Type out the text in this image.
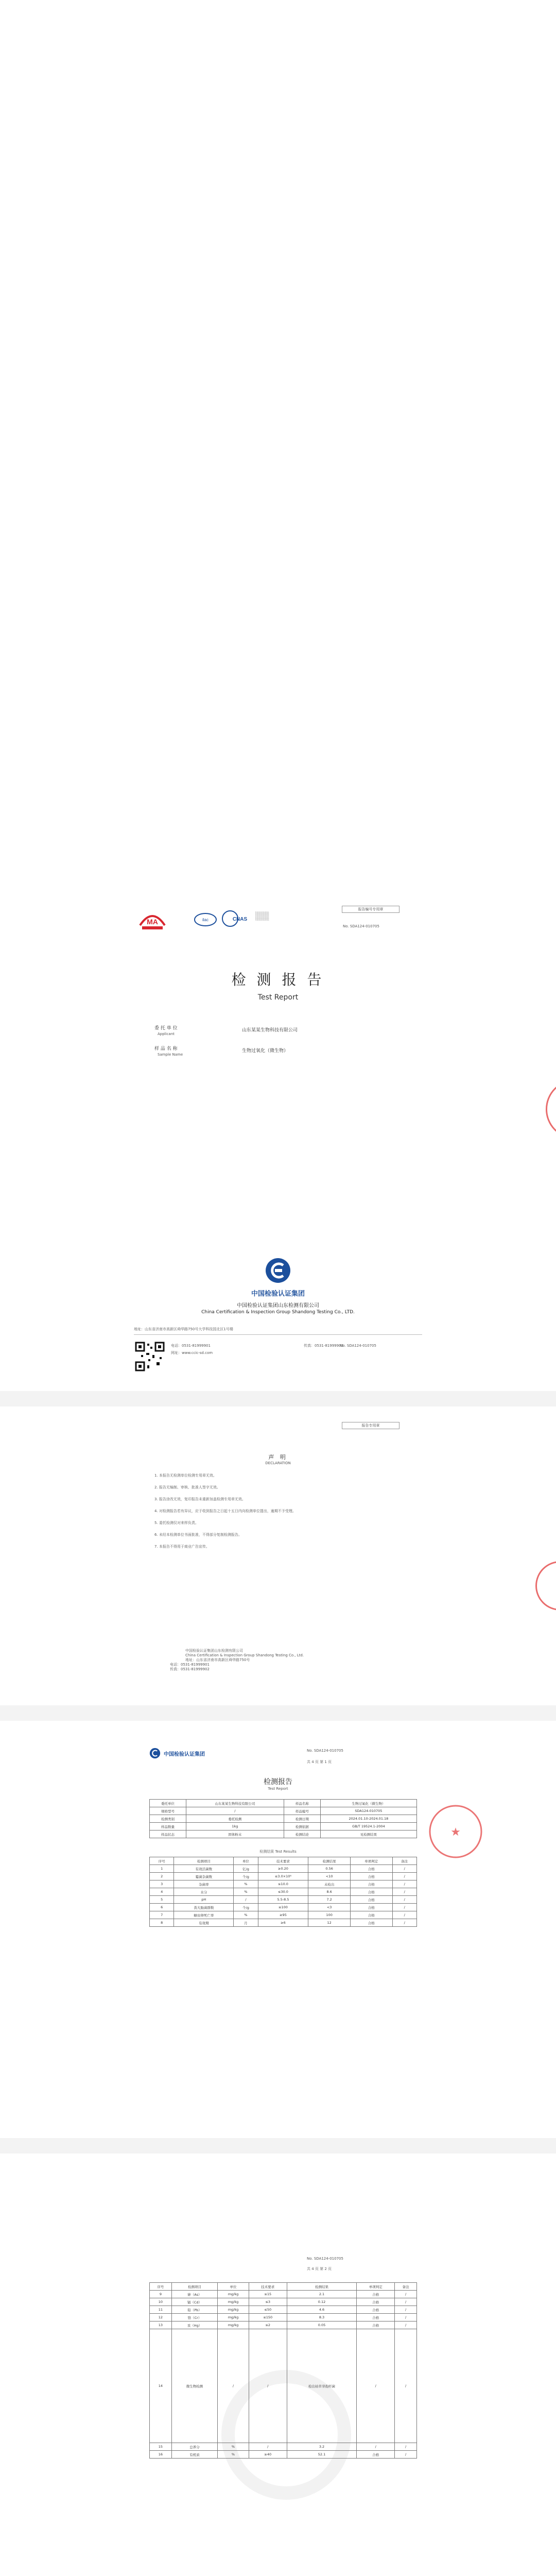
MA	ilac	CNAS
░░░░░
░░░░░
报告编号专用章
No. SDA124-010705
检 测 报 告
Test Report
委 托 单 位
Applicant
山东某某生物科技有限公司
样 品 名 称
Sample Name
生物过氧化（微生物）
中国检验认证集团
中国检验认证集团山东检测有限公司
China Certification & Inspection Group Shandong Testing Co., LTD.
地址：山东省济南市高新区舜华路750号大学科技园北区1号楼
电话：0531-81999901
网址：www.ccic-sd.com
传真：0531-81999902
No. SDA124-010705
报告专用章
声 明
DECLARATION
1. 本报告无检测单位检测专用章无效。
2. 报告无编制、审核、批准人签字无效。
3. 报告涂改无效，复印报告未重新加盖检测专用章无效。
4. 对检测报告若有异议，应于收到报告之日起十五日内向检测单位提出，逾期不予受理。
5. 委托检测仅对来样负责。
6. 未经本检测单位书面批准，不得部分复制检测报告。
7. 本报告不得用于商业广告宣传。
中国检验认证集团山东检测有限公司
China Certification & Inspection Group Shandong Testing Co., Ltd.
地址：山东省济南市高新区舜华路750号
电话：0531-81999901
传真：0531-81999902
中国检验认证集团
No. SDA124-010705
共 4 页 第 1 页
检测报告
Test Report
委托单位	山东某某生物科技有限公司	样品名称	生物过氧化（微生物）
规格型号	/	样品编号	SDA124-010705
检测类别	委托检测	检测日期	2024.01.10-2024.01.18
样品数量	1kg	检测依据	GB/T 19524.1-2004
样品状态	固体粉末	检测结论	见检测结果
检测结果 Test Results
序号	检测项目	单位	技术要求	检测结果	单项判定	备注
1	有效活菌数	亿/g	≥0.20	0.56	合格	/
2	霉菌杂菌数	个/g	≤3.0×10⁶	<10	合格	/
3	杂菌率	%	≤10.0	未检出	合格	/
4	水分	%	≤30.0	8.6	合格	/
5	pH	/	5.5-8.5	7.2	合格	/
6	粪大肠菌群数	个/g	≤100	<3	合格	/
7	蛔虫卵死亡率	%	≥95	100	合格	/
8	有效期	月	≥6	12	合格	/
★
No. SDA124-010705
共 4 页 第 2 页
序号	检测项目	单位	技术要求	检测结果	单项判定	备注
9	砷（As）	mg/kg	≤15	2.1	合格	/
10	镉（Cd）	mg/kg	≤3	0.12	合格	/
11	铅（Pb）	mg/kg	≤50	4.6	合格	/
12	铬（Cr）	mg/kg	≤150	8.3	合格	/
13	汞（Hg）	mg/kg	≤2	0.05	合格	/
14	微生物检测	/	/	检出枯草芽孢杆菌	/	/
15	总养分	%	/	3.2	/	/
16	有机质	%	≥40	52.1	合格	/
